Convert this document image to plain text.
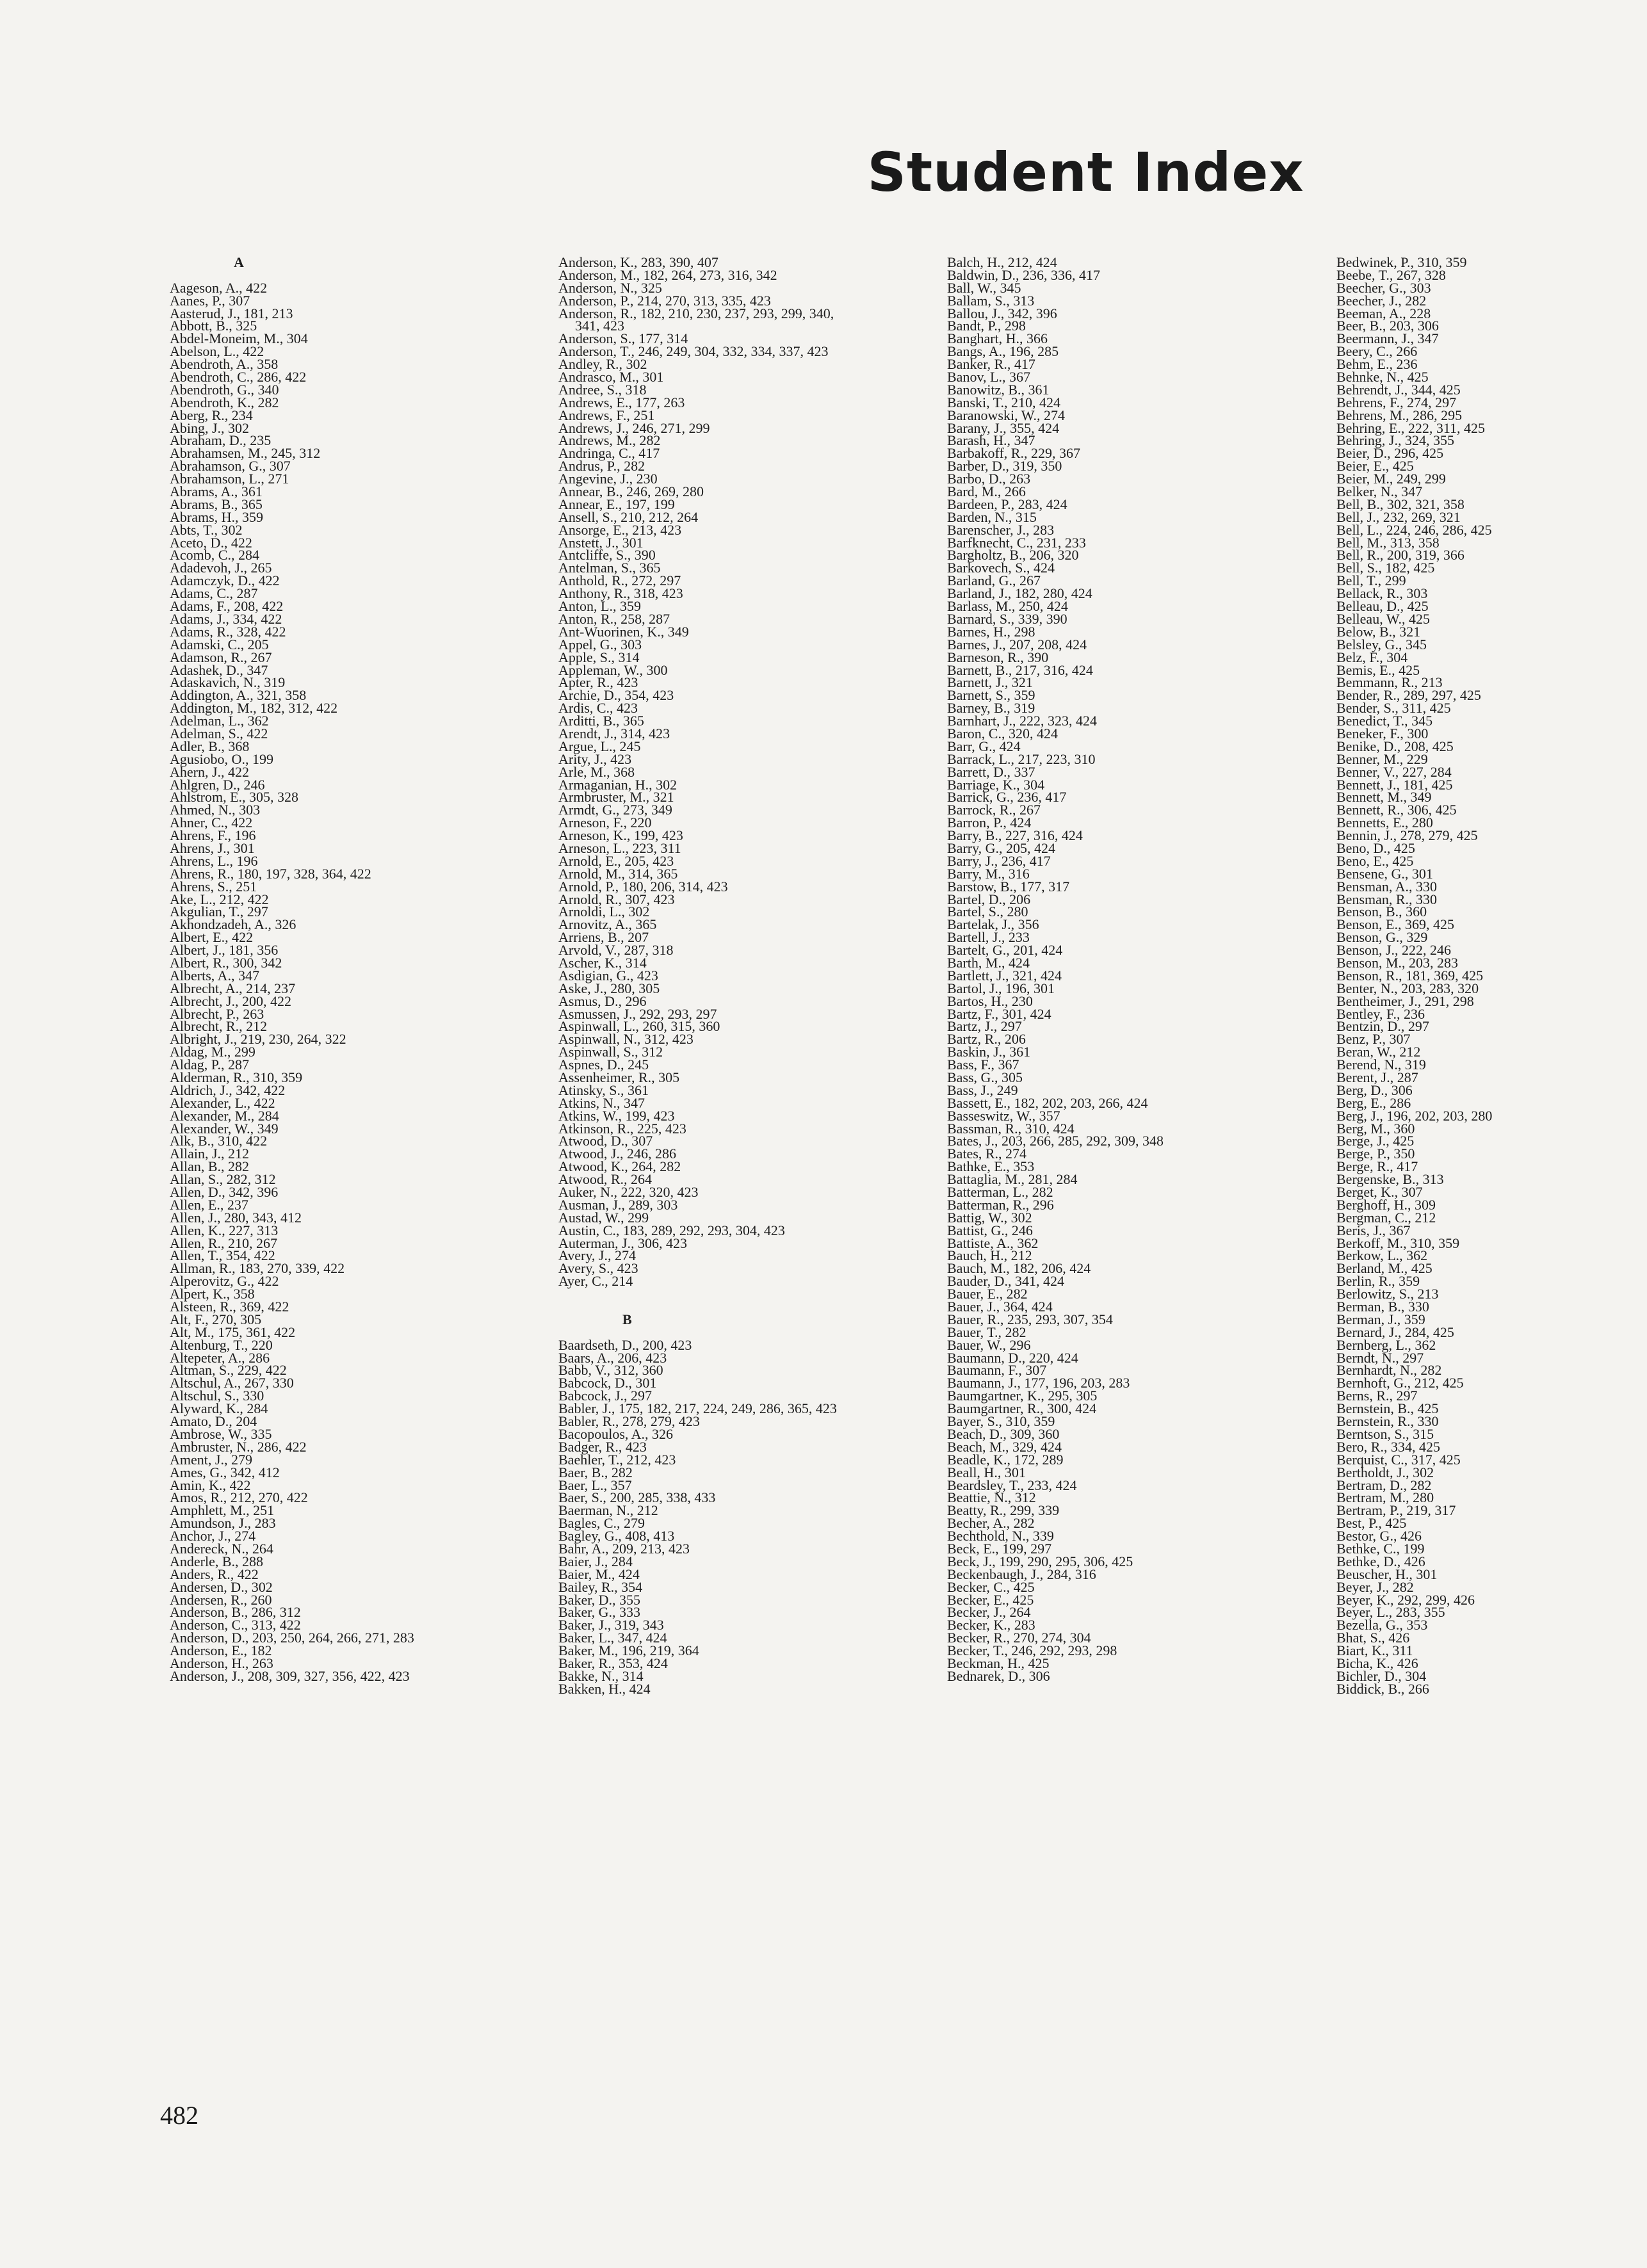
Student Index
A
Aageson, A., 422
Aanes, P., 307
Aasterud, J., 181, 213
Abbott, B., 325
Abdel-Moneim, M., 304
Abelson, L., 422
Abendroth, A., 358
Abendroth, C., 286, 422
Abendroth, G., 340
Abendroth, K., 282
Aberg, R., 234
Abing, J., 302
Abraham, D., 235
Abrahamsen, M., 245, 312
Abrahamson, G., 307
Abrahamson, L., 271
Abrams, A., 361
Abrams, B., 365
Abrams, H., 359
Abts, T., 302
Aceto, D., 422
Acomb, C., 284
Adadevoh, J., 265
Adamczyk, D., 422
Adams, C., 287
Adams, F., 208, 422
Adams, J., 334, 422
Adams, R., 328, 422
Adamski, C., 205
Adamson, R., 267
Adashek, D., 347
Adaskavich, N., 319
Addington, A., 321, 358
Addington, M., 182, 312, 422
Adelman, L., 362
Adelman, S., 422
Adler, B., 368
Agusiobo, O., 199
Ahern, J., 422
Ahlgren, D., 246
Ahlstrom, E., 305, 328
Ahmed, N., 303
Ahner, C., 422
Ahrens, F., 196
Ahrens, J., 301
Ahrens, L., 196
Ahrens, R., 180, 197, 328, 364, 422
Ahrens, S., 251
Ake, L., 212, 422
Akgulian, T., 297
Akhondzadeh, A., 326
Albert, E., 422
Albert, J., 181, 356
Albert, R., 300, 342
Alberts, A., 347
Albrecht, A., 214, 237
Albrecht, J., 200, 422
Albrecht, P., 263
Albrecht, R., 212
Albright, J., 219, 230, 264, 322
Aldag, M., 299
Aldag, P., 287
Alderman, R., 310, 359
Aldrich, J., 342, 422
Alexander, L., 422
Alexander, M., 284
Alexander, W., 349
Alk, B., 310, 422
Allain, J., 212
Allan, B., 282
Allan, S., 282, 312
Allen, D., 342, 396
Allen, E., 237
Allen, J., 280, 343, 412
Allen, K., 227, 313
Allen, R., 210, 267
Allen, T., 354, 422
Allman, R., 183, 270, 339, 422
Alperovitz, G., 422
Alpert, K., 358
Alsteen, R., 369, 422
Alt, F., 270, 305
Alt, M., 175, 361, 422
Altenburg, T., 220
Altepeter, A., 286
Altman, S., 229, 422
Altschul, A., 267, 330
Altschul, S., 330
Alyward, K., 284
Amato, D., 204
Ambrose, W., 335
Ambruster, N., 286, 422
Ament, J., 279
Ames, G., 342, 412
Amin, K., 422
Amos, R., 212, 270, 422
Amphlett, M., 251
Amundson, J., 283
Anchor, J., 274
Andereck, N., 264
Anderle, B., 288
Anders, R., 422
Andersen, D., 302
Andersen, R., 260
Anderson, B., 286, 312
Anderson, C., 313, 422
Anderson, D., 203, 250, 264, 266, 271, 283
Anderson, E., 182
Anderson, H., 263
Anderson, J., 208, 309, 327, 356, 422, 423
Anderson, K., 283, 390, 407
Anderson, M., 182, 264, 273, 316, 342
Anderson, N., 325
Anderson, P., 214, 270, 313, 335, 423
Anderson, R., 182, 210, 230, 237, 293, 299, 340,
341, 423
Anderson, S., 177, 314
Anderson, T., 246, 249, 304, 332, 334, 337, 423
Andley, R., 302
Andrasco, M., 301
Andree, S., 318
Andrews, E., 177, 263
Andrews, F., 251
Andrews, J., 246, 271, 299
Andrews, M., 282
Andringa, C., 417
Andrus, P., 282
Angevine, J., 230
Annear, B., 246, 269, 280
Annear, E., 197, 199
Ansell, S., 210, 212, 264
Ansorge, E., 213, 423
Anstett, J., 301
Antcliffe, S., 390
Antelman, S., 365
Anthold, R., 272, 297
Anthony, R., 318, 423
Anton, L., 359
Anton, R., 258, 287
Ant-Wuorinen, K., 349
Appel, G., 303
Apple, S., 314
Appleman, W., 300
Apter, R., 423
Archie, D., 354, 423
Ardis, C., 423
Arditti, B., 365
Arendt, J., 314, 423
Argue, L., 245
Arity, J., 423
Arle, M., 368
Armaganian, H., 302
Armbruster, M., 321
Armdt, G., 273, 349
Arneson, F., 220
Arneson, K., 199, 423
Arneson, L., 223, 311
Arnold, E., 205, 423
Arnold, M., 314, 365
Arnold, P., 180, 206, 314, 423
Arnold, R., 307, 423
Arnoldi, L., 302
Arnovitz, A., 365
Arriens, B., 207
Arvold, V., 287, 318
Ascher, K., 314
Asdigian, G., 423
Aske, J., 280, 305
Asmus, D., 296
Asmussen, J., 292, 293, 297
Aspinwall, L., 260, 315, 360
Aspinwall, N., 312, 423
Aspinwall, S., 312
Aspnes, D., 245
Assenheimer, R., 305
Atinsky, S., 361
Atkins, N., 347
Atkins, W., 199, 423
Atkinson, R., 225, 423
Atwood, D., 307
Atwood, J., 246, 286
Atwood, K., 264, 282
Atwood, R., 264
Auker, N., 222, 320, 423
Ausman, J., 289, 303
Austad, W., 299
Austin, C., 183, 289, 292, 293, 304, 423
Auterman, J., 306, 423
Avery, J., 274
Avery, S., 423
Ayer, C., 214
B
Baardseth, D., 200, 423
Baars, A., 206, 423
Babb, V., 312, 360
Babcock, D., 301
Babcock, J., 297
Babler, J., 175, 182, 217, 224, 249, 286, 365, 423
Babler, R., 278, 279, 423
Bacopoulos, A., 326
Badger, R., 423
Baehler, T., 212, 423
Baer, B., 282
Baer, L., 357
Baer, S., 200, 285, 338, 433
Baerman, N., 212
Bagles, C., 279
Bagley, G., 408, 413
Bahr, A., 209, 213, 423
Baier, J., 284
Baier, M., 424
Bailey, R., 354
Baker, D., 355
Baker, G., 333
Baker, J., 319, 343
Baker, L., 347, 424
Baker, M., 196, 219, 364
Baker, R., 353, 424
Bakke, N., 314
Bakken, H., 424
Balch, H., 212, 424
Baldwin, D., 236, 336, 417
Ball, W., 345
Ballam, S., 313
Ballou, J., 342, 396
Bandt, P., 298
Banghart, H., 366
Bangs, A., 196, 285
Banker, R., 417
Banov, L., 367
Banowitz, B., 361
Banski, T., 210, 424
Baranowski, W., 274
Barany, J., 355, 424
Barash, H., 347
Barbakoff, R., 229, 367
Barber, D., 319, 350
Barbo, D., 263
Bard, M., 266
Bardeen, P., 283, 424
Barden, N., 315
Barenscher, J., 283
Barfknecht, C., 231, 233
Bargholtz, B., 206, 320
Barkovech, S., 424
Barland, G., 267
Barland, J., 182, 280, 424
Barlass, M., 250, 424
Barnard, S., 339, 390
Barnes, H., 298
Barnes, J., 207, 208, 424
Barneson, R., 390
Barnett, B., 217, 316, 424
Barnett, J., 321
Barnett, S., 359
Barney, B., 319
Barnhart, J., 222, 323, 424
Baron, C., 320, 424
Barr, G., 424
Barrack, L., 217, 223, 310
Barrett, D., 337
Barriage, K., 304
Barrick, G., 236, 417
Barrock, R., 267
Barron, P., 424
Barry, B., 227, 316, 424
Barry, G., 205, 424
Barry, J., 236, 417
Barry, M., 316
Barstow, B., 177, 317
Bartel, D., 206
Bartel, S., 280
Bartelak, J., 356
Bartell, J., 233
Bartelt, G., 201, 424
Barth, M., 424
Bartlett, J., 321, 424
Bartol, J., 196, 301
Bartos, H., 230
Bartz, F., 301, 424
Bartz, J., 297
Bartz, R., 206
Baskin, J., 361
Bass, F., 367
Bass, G., 305
Bass, J., 249
Bassett, E., 182, 202, 203, 266, 424
Basseswitz, W., 357
Bassman, R., 310, 424
Bates, J., 203, 266, 285, 292, 309, 348
Bates, R., 274
Bathke, E., 353
Battaglia, M., 281, 284
Batterman, L., 282
Batterman, R., 296
Battig, W., 302
Battist, G., 246
Battiste, A., 362
Bauch, H., 212
Bauch, M., 182, 206, 424
Bauder, D., 341, 424
Bauer, E., 282
Bauer, J., 364, 424
Bauer, R., 235, 293, 307, 354
Bauer, T., 282
Bauer, W., 296
Baumann, D., 220, 424
Baumann, F., 307
Baumann, J., 177, 196, 203, 283
Baumgartner, K., 295, 305
Baumgartner, R., 300, 424
Bayer, S., 310, 359
Beach, D., 309, 360
Beach, M., 329, 424
Beadle, K., 172, 289
Beall, H., 301
Beardsley, T., 233, 424
Beattie, N., 312
Beatty, R., 299, 339
Becher, A., 282
Bechthold, N., 339
Beck, E., 199, 297
Beck, J., 199, 290, 295, 306, 425
Beckenbaugh, J., 284, 316
Becker, C., 425
Becker, E., 425
Becker, J., 264
Becker, K., 283
Becker, R., 270, 274, 304
Becker, T., 246, 292, 293, 298
Beckman, H., 425
Bednarek, D., 306
Bedwinek, P., 310, 359
Beebe, T., 267, 328
Beecher, G., 303
Beecher, J., 282
Beeman, A., 228
Beer, B., 203, 306
Beermann, J., 347
Beery, C., 266
Behm, E., 236
Behnke, N., 425
Behrendt, J., 344, 425
Behrens, F., 274, 297
Behrens, M., 286, 295
Behring, E., 222, 311, 425
Behring, J., 324, 355
Beier, D., 296, 425
Beier, E., 425
Beier, M., 249, 299
Belker, N., 347
Bell, B., 302, 321, 358
Bell, J., 232, 269, 321
Bell, L., 224, 246, 286, 425
Bell, M., 313, 358
Bell, R., 200, 319, 366
Bell, S., 182, 425
Bell, T., 299
Bellack, R., 303
Belleau, D., 425
Belleau, W., 425
Below, B., 321
Belsley, G., 345
Belz, F., 304
Bemis, E., 425
Bemmann, R., 213
Bender, R., 289, 297, 425
Bender, S., 311, 425
Benedict, T., 345
Beneker, F., 300
Benike, D., 208, 425
Benner, M., 229
Benner, V., 227, 284
Bennett, J., 181, 425
Bennett, M., 349
Bennett, R., 306, 425
Bennetts, E., 280
Bennin, J., 278, 279, 425
Beno, D., 425
Beno, E., 425
Bensene, G., 301
Bensman, A., 330
Bensman, R., 330
Benson, B., 360
Benson, E., 369, 425
Benson, G., 329
Benson, J., 222, 246
Benson, M., 203, 283
Benson, R., 181, 369, 425
Benter, N., 203, 283, 320
Bentheimer, J., 291, 298
Bentley, F., 236
Bentzin, D., 297
Benz, P., 307
Beran, W., 212
Berend, N., 319
Berent, J., 287
Berg, D., 306
Berg, E., 286
Berg, J., 196, 202, 203, 280
Berg, M., 360
Berge, J., 425
Berge, P., 350
Berge, R., 417
Bergenske, B., 313
Berget, K., 307
Berghoff, H., 309
Bergman, C., 212
Beris, J., 367
Berkoff, M., 310, 359
Berkow, L., 362
Berland, M., 425
Berlin, R., 359
Berlowitz, S., 213
Berman, B., 330
Berman, J., 359
Bernard, J., 284, 425
Bernberg, L., 362
Berndt, N., 297
Bernhardt, N., 282
Bernhoft, G., 212, 425
Berns, R., 297
Bernstein, B., 425
Bernstein, R., 330
Berntson, S., 315
Bero, R., 334, 425
Berquist, C., 317, 425
Bertholdt, J., 302
Bertram, D., 282
Bertram, M., 280
Bertram, P., 219, 317
Best, P., 425
Bestor, G., 426
Bethke, C., 199
Bethke, D., 426
Beuscher, H., 301
Beyer, J., 282
Beyer, K., 292, 299, 426
Beyer, L., 283, 355
Bezella, G., 353
Bhat, S., 426
Biart, K., 311
Bicha, K., 426
Bichler, D., 304
Biddick, B., 266
482
